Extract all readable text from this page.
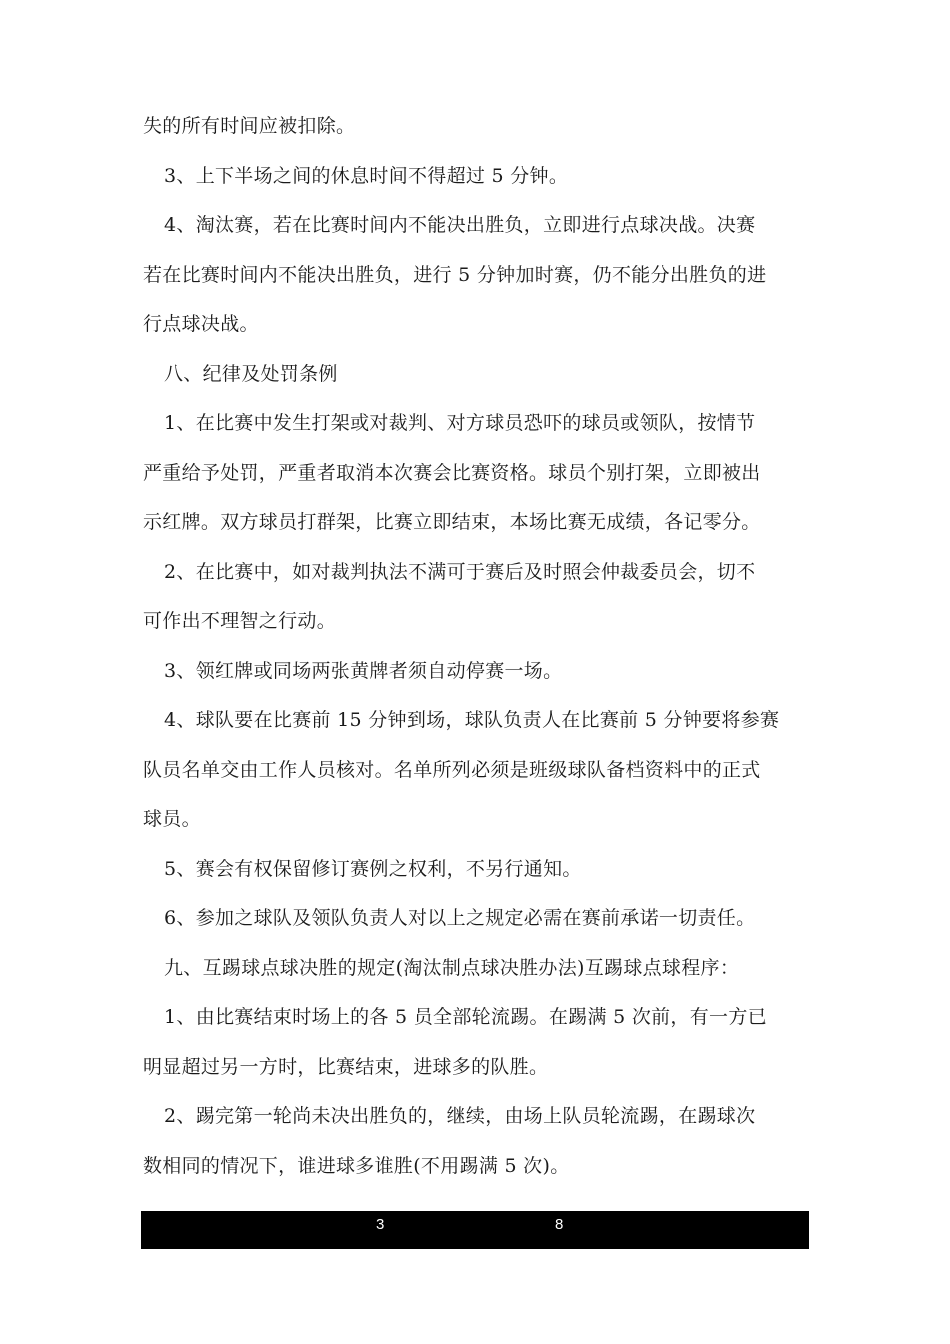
失的所有时间应被扣除。
3、上下半场之间的休息时间不得超过 5 分钟。
4、淘汰赛，若在比赛时间内不能决出胜负，立即进行点球决战。决赛
若在比赛时间内不能决出胜负，进行 5 分钟加时赛，仍不能分出胜负的进
行点球决战。
八、纪律及处罚条例
1、在比赛中发生打架或对裁判、对方球员恐吓的球员或领队，按情节
严重给予处罚，严重者取消本次赛会比赛资格。球员个别打架，立即被出
示红牌。双方球员打群架，比赛立即结束，本场比赛无成绩，各记零分。
2、在比赛中，如对裁判执法不满可于赛后及时照会仲裁委员会，切不
可作出不理智之行动。
3、领红牌或同场两张黄牌者须自动停赛一场。
4、球队要在比赛前 15 分钟到场，球队负责人在比赛前 5 分钟要将参赛
队员名单交由工作人员核对。名单所列必须是班级球队备档资料中的正式
球员。
5、赛会有权保留修订赛例之权利，不另行通知。
6、参加之球队及领队负责人对以上之规定必需在赛前承诺一切责任。
九、互踢球点球决胜的规定(淘汰制点球决胜办法)互踢球点球程序：
1、由比赛结束时场上的各 5 员全部轮流踢。在踢满 5 次前，有一方已
明显超过另一方时，比赛结束，进球多的队胜。
2、踢完第一轮尚未决出胜负的，继续，由场上队员轮流踢，在踢球次
数相同的情况下，谁进球多谁胜(不用踢满 5 次)。
3	8
